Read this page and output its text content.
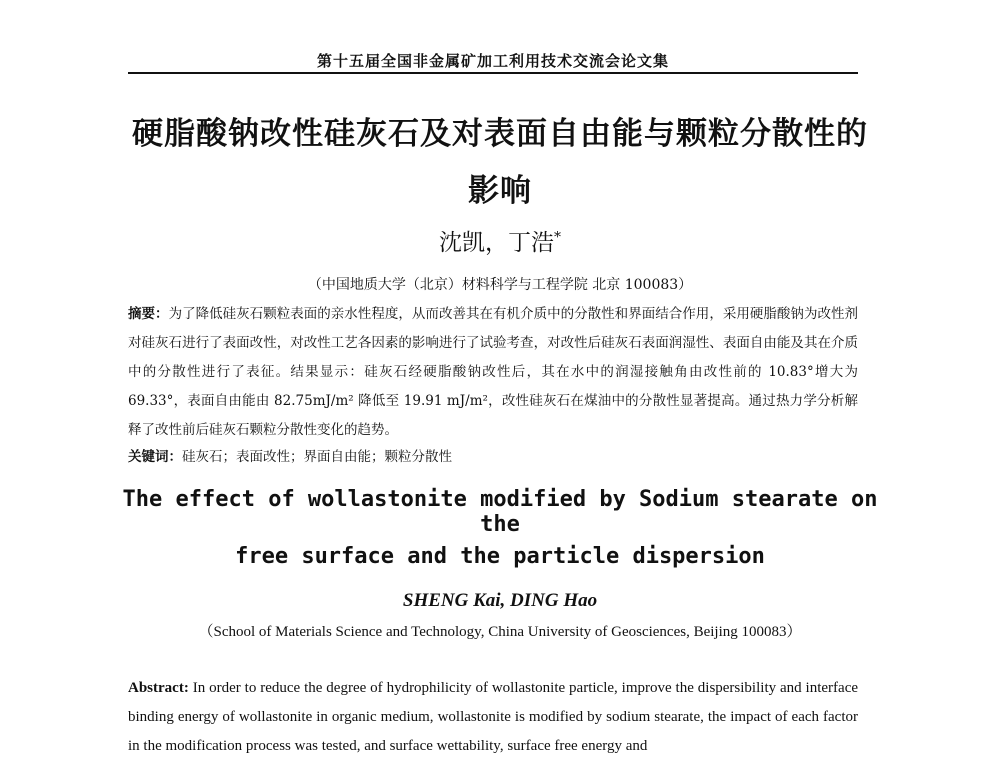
第十五届全国非金属矿加工利用技术交流会论文集
硬脂酸钠改性硅灰石及对表面自由能与颗粒分散性的
影响
沈凯，丁浩*
（中国地质大学（北京）材料科学与工程学院 北京 100083）

摘要：为了降低硅灰石颗粒表面的亲水性程度，从而改善其在有机介质中的分散性和界面结合作用，采用硬脂酸钠为改性剂对硅灰石进行了表面改性，对改性工艺各因素的影响进行了试验考查，对改性后硅灰石表面润湿性、表面自由能及其在介质中的分散性进行了表征。结果显示：硅灰石经硬脂酸钠改性后，其在水中的润湿接触角由改性前的 10.83°增大为 69.33°，表面自由能由 82.75mJ/m² 降低至 19.91 mJ/m²，改性硅灰石在煤油中的分散性显著提高。通过热力学分析解释了改性前后硅灰石颗粒分散性变化的趋势。

关键词：硅灰石；表面改性；界面自由能；颗粒分散性

The effect of wollastonite modified by Sodium stearate on the
free surface and the particle dispersion
SHENG Kai, DING Hao
（School of Materials Science and Technology, China University of Geosciences, Beijing 100083）

Abstract: In order to reduce the degree of hydrophilicity of wollastonite particle, improve the dispersibility and interface binding energy of wollastonite in organic medium, wollastonite is modified by sodium stearate, the impact of each factor in the modification process was tested, and surface wettability, surface free energy and
